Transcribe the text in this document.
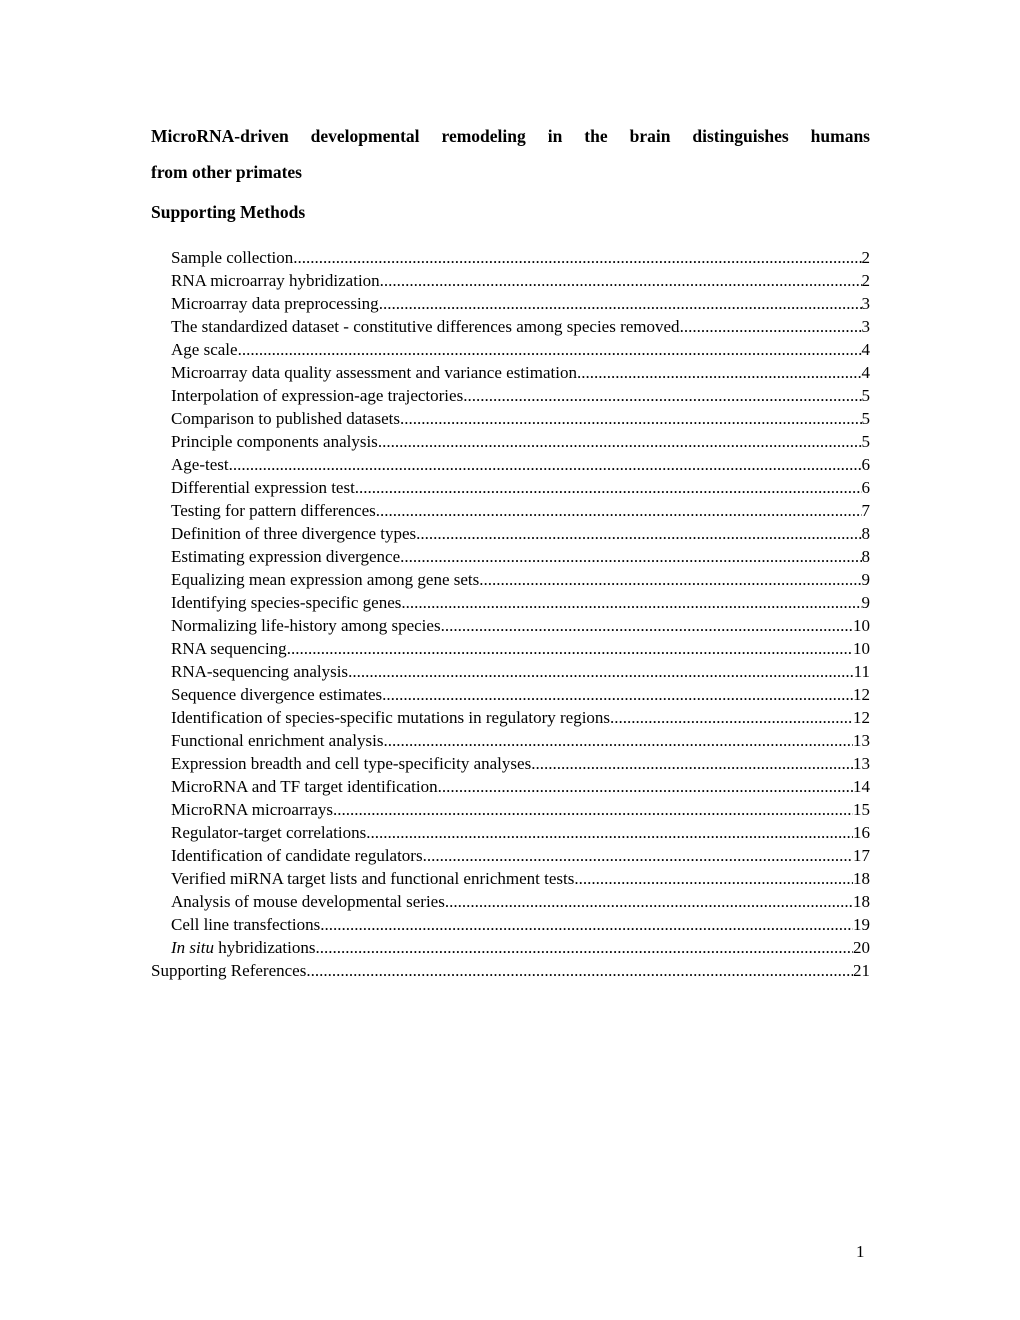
MicroRNA-driven developmental remodeling in the brain distinguishes humans
from other primates
Supporting Methods
Sample collection .....	2
RNA microarray hybridization .....	2
Microarray data preprocessing .....	3
The standardized dataset - constitutive differences among species removed .....	3
Age scale .....	4
Microarray data quality assessment and variance estimation .....	4
Interpolation of expression-age trajectories .....	5
Comparison to published datasets .....	5
Principle components analysis .....	5
Age-test .....	6
Differential expression test .....	6
Testing for pattern differences .....	7
Definition of three divergence types .....	8
Estimating expression divergence .....	8
Equalizing mean expression among gene sets .....	9
Identifying species-specific genes .....	9
Normalizing life-history among species .....	10
RNA sequencing .....	10
RNA-sequencing analysis .....	11
Sequence divergence estimates .....	12
Identification of species-specific mutations in regulatory regions .....	12
Functional enrichment analysis .....	13
Expression breadth and cell type-specificity analyses .....	13
MicroRNA and TF target identification .....	14
MicroRNA microarrays .....	15
Regulator-target correlations .....	16
Identification of candidate regulators .....	17
Verified miRNA target lists and functional enrichment tests .....	18
Analysis of mouse developmental series .....	18
Cell line transfections .....	19
In situ hybridizations .....	20
Supporting References .....	21
1
